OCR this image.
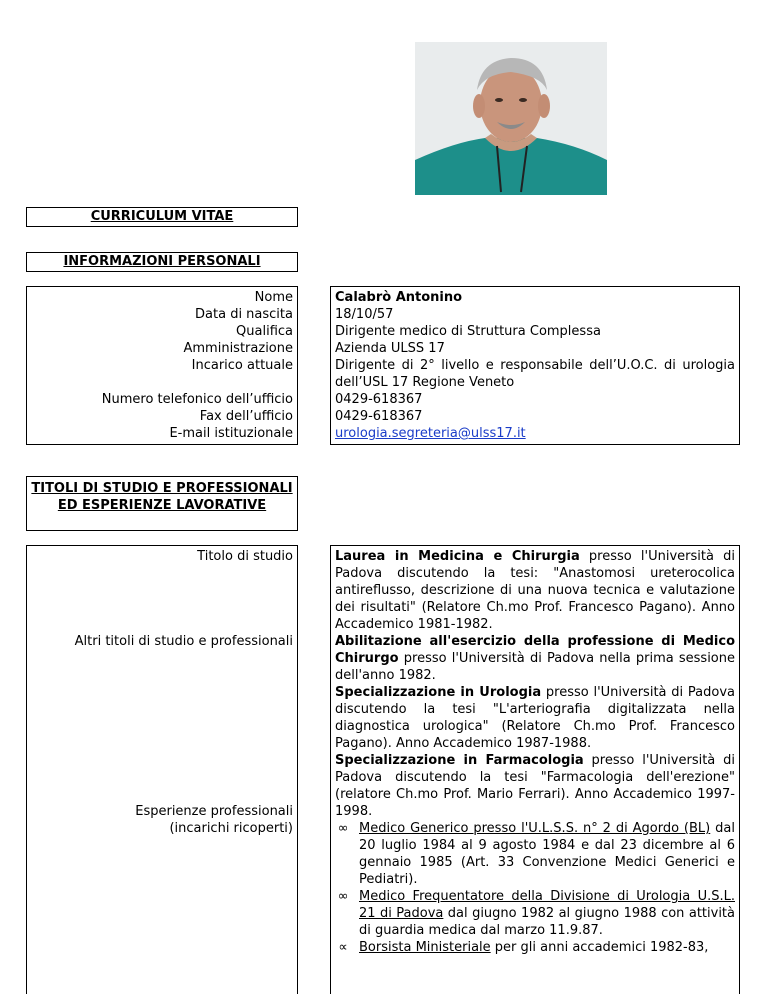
CURRICULUM VITAE
INFORMAZIONI PERSONALI
Nome
Data di nascita
Qualifica
Amministrazione
Incarico attuale
Numero telefonico dell’ufficio
Fax dell’ufficio
E-mail istituzionale
Calabrò Antonino
18/10/57
Dirigente medico di Struttura Complessa
Azienda ULSS 17
Dirigente di 2° livello e responsabile dell’U.O.C. di urologia dell’USL 17 Regione Veneto
0429-618367
0429-618367
urologia.segreteria@ulss17.it
TITOLI DI STUDIO E PROFESSIONALI ED ESPERIENZE LAVORATIVE
Titolo di studio
Altri titoli di studio e professionali
Esperienze professionali (incarichi ricoperti)
Laurea in Medicina e Chirurgia presso l'Università di Padova discutendo la tesi: "Anastomosi ureterocolica antireflusso, descrizione di una nuova tecnica e valutazione dei risultati" (Relatore Ch.mo Prof. Francesco Pagano). Anno Accademico 1981-1982.
Abilitazione all'esercizio della professione di Medico Chirurgo presso l'Università di Padova nella prima sessione dell'anno 1982.
Specializzazione in Urologia presso l'Università di Padova discutendo la tesi "L'arteriografia digitalizzata nella diagnostica urologica" (Relatore Ch.mo Prof. Francesco Pagano). Anno Accademico 1987-1988.
Specializzazione in Farmacologia presso l'Università di Padova discutendo la tesi "Farmacologia dell'erezione" (relatore Ch.mo Prof. Mario Ferrari). Anno Accademico 1997-1998.
∞ Medico Generico presso l'U.L.S.S. n° 2 di Agordo (BL) dal 20 luglio 1984 al 9 agosto 1984 e dal 23 dicembre al 6 gennaio 1985 (Art. 33 Convenzione Medici Generici e Pediatri).
∞ Medico Frequentatore della Divisione di Urologia U.S.L. 21 di Padova dal giugno 1982 al giugno 1988 con attività di guardia medica dal marzo 11.9.87.
∝ Borsista Ministeriale per gli anni accademici 1982-83,
